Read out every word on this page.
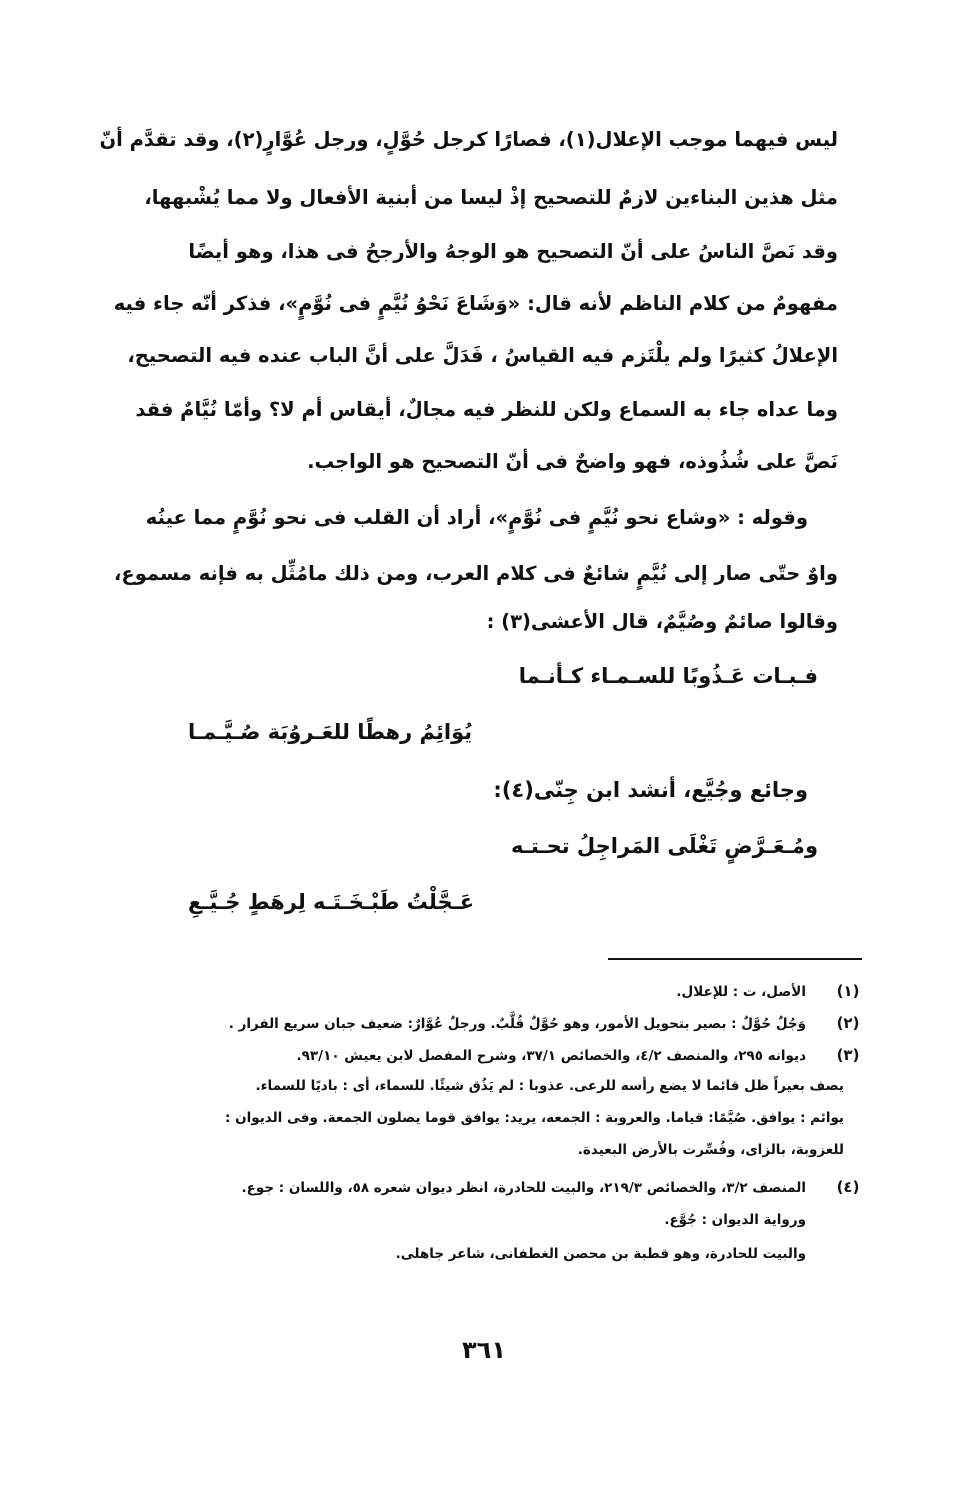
ليس فيهما موجب الإعلال(١)، فصارًا كرجل حُوَّلٍ، ورجل عُوَّارٍ(٢)، وقد تقدَّم أنّ
مثل هذين البناءين لازمٌ للتصحيح إذْ ليسا من أبنية الأفعال ولا مما يُشْبهها،
وقد نَصَّ الناسُ على أنّ التصحيح هو الوجهُ والأرجحُ فى هذا، وهو أيضًا
مفهومٌ من كلام الناظم لأنه قال: «وَشَاعَ نَحْوُ نُيَّمٍ فى نُوَّمٍ»، فذكر أنّه جاء فيه
الإعلالُ كثيرًا ولم يلْتَزم فيه القياسُ ، فَدَلَّ على أنَّ الباب عنده فيه التصحيح،
وما عداه جاء به السماع ولكن للنظر فيه مجالٌ، أيقاس أم لا؟ وأمّا نُيَّامٌ فقد
نَصَّ على شُذُوذه، فهو واضحٌ فى أنّ التصحيح هو الواجب.
وقوله : «وشاع نحو نُيَّمٍ فى نُوَّمٍ»، أراد أن القلب فى نحو نُوَّمٍ مما عينُه
واوٌ حتّى صار إلى نُيَّمٍ شائعٌ فى كلام العرب، ومن ذلك مامُثِّل به فإنه مسموع،
وقالوا صائمٌ وصُيَّمٌ، قال الأعشى(٣) :
فـبـات عَـذُوبًا للسـمـاء كـأنـما
يُوَائِمُ رهطًا للعَـروُبَة صُـيَّـمـا
وجائع وجُيَّع، أنشد ابن جِنّى(٤):
ومُـعَـرَّضٍ تَغْلَى المَراجِلُ تحـتـه
عَـجَّلْتُ طَبْـخَـتَـه لِرهَطٍ جُـيَّـعِ
(١)
الأصل، ت : للإعلال.
(٢)
وَجُلٌ حُوَّلٌ : بصير بتحويل الأمور، وهو حُوَّلٌ قُلَّبٌ. ورجلٌ عُوَّارٌ: ضعيف جبان سريع الفرار .
(٣)
ديوانه ٢٩٥، والمنصف ٤/٢، والخصائص ٣٧/١، وشرح المفصل لابن يعيش ٩٣/١٠.
يصف بعيراً ظل قائما لا يضع رأسه للرعى. عذوبا : لم يَذُق شيئًا. للسماء، أى : باديًا للسماء.
يوائم : يوافق. صُيَّمًا: قياما. والعروبة : الجمعه، يريد: يوافق قوما يصلون الجمعة. وفى الديوان :
للعزوبة، بالزاى، وفُسِّرت بالأرض البعيدة.
(٤)
المنصف ٣/٢، والخصائص ٢١٩/٣، والبيت للحادرة، انظر ديوان شعره ٥٨، واللسان : جوع.
ورواية الديوان : جُوَّع.
والبيت للحادرة، وهو قطبة بن محصن الغطفانى، شاعر جاهلى.
٣٦١
